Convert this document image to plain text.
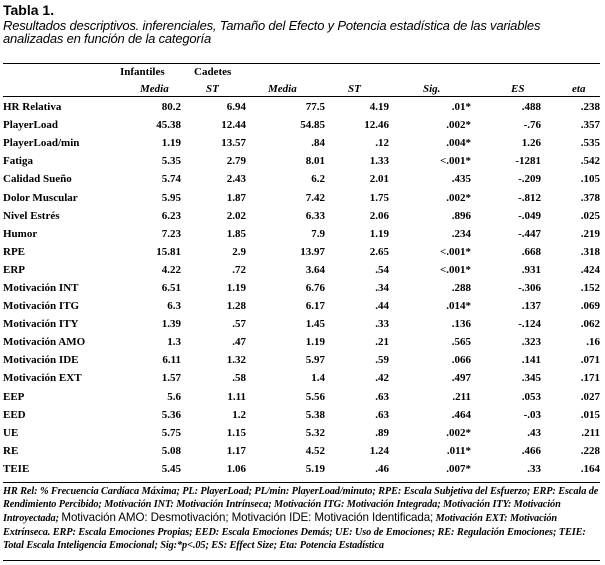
Tabla 1.
Resultados descriptivos. inferenciales, Tamaño del Efecto y Potencia estadística de las variables analizadas en función de la categoría
Infantiles	Cadetes
Media	ST	Media	ST	Sig.	ES	eta
HR Relativa	80.2	6.94	77.5	4.19	.01*	.488	.238
PlayerLoad	45.38	12.44	54.85	12.46	.002*	-.76	.357
PlayerLoad/min	1.19	13.57	.84	.12	.004*	1.26	.535
Fatiga	5.35	2.79	8.01	1.33	<.001*	-1281	.542
Calidad Sueño	5.74	2.43	6.2	2.01	.435	-.209	.105
Dolor Muscular	5.95	1.87	7.42	1.75	.002*	-.812	.378
Nivel Estrés	6.23	2.02	6.33	2.06	.896	-.049	.025
Humor	7.23	1.85	7.9	1.19	.234	-.447	.219
RPE	15.81	2.9	13.97	2.65	<.001*	.668	.318
ERP	4.22	.72	3.64	.54	<.001*	.931	.424
Motivación INT	6.51	1.19	6.76	.34	.288	-.306	.152
Motivación ITG	6.3	1.28	6.17	.44	.014*	.137	.069
Motivación ITY	1.39	.57	1.45	.33	.136	-.124	.062
Motivación AMO	1.3	.47	1.19	.21	.565	.323	.16
Motivación IDE	6.11	1.32	5.97	.59	.066	.141	.071
Motivación EXT	1.57	.58	1.4	.42	.497	.345	.171
EEP	5.6	1.11	5.56	.63	.211	.053	.027
EED	5.36	1.2	5.38	.63	.464	-.03	.015
UE	5.75	1.15	5.32	.89	.002*	.43	.211
RE	5.08	1.17	4.52	1.24	.011*	.466	.228
TEIE	5.45	1.06	5.19	.46	.007*	.33	.164
HR Rel: % Frecuencia Cardíaca Máxima; PL: PlayerLoad; PL/min: PlayerLoad/minuto; RPE: Escala Subjetiva del Esfuerzo; ERP: Escala de Rendimiento Percibido; Motivación INT: Motivación Intrínseca; Motivación ITG: Motivación Integrada; Motivación ITY: Motivación Introyectada; Motivación AMO: Desmotivación; Motivación IDE: Motivación Identificada; Motivación EXT: Motivación Extrínseca. ERP: Escala Emociones Propias; EED: Escala Emociones Demás; UE: Uso de Emociones; RE: Regulación Emociones; TEIE: Total Escala Inteligencia Emocional; Sig:*p<.05; ES: Effect Size; Eta: Potencia Estadística
